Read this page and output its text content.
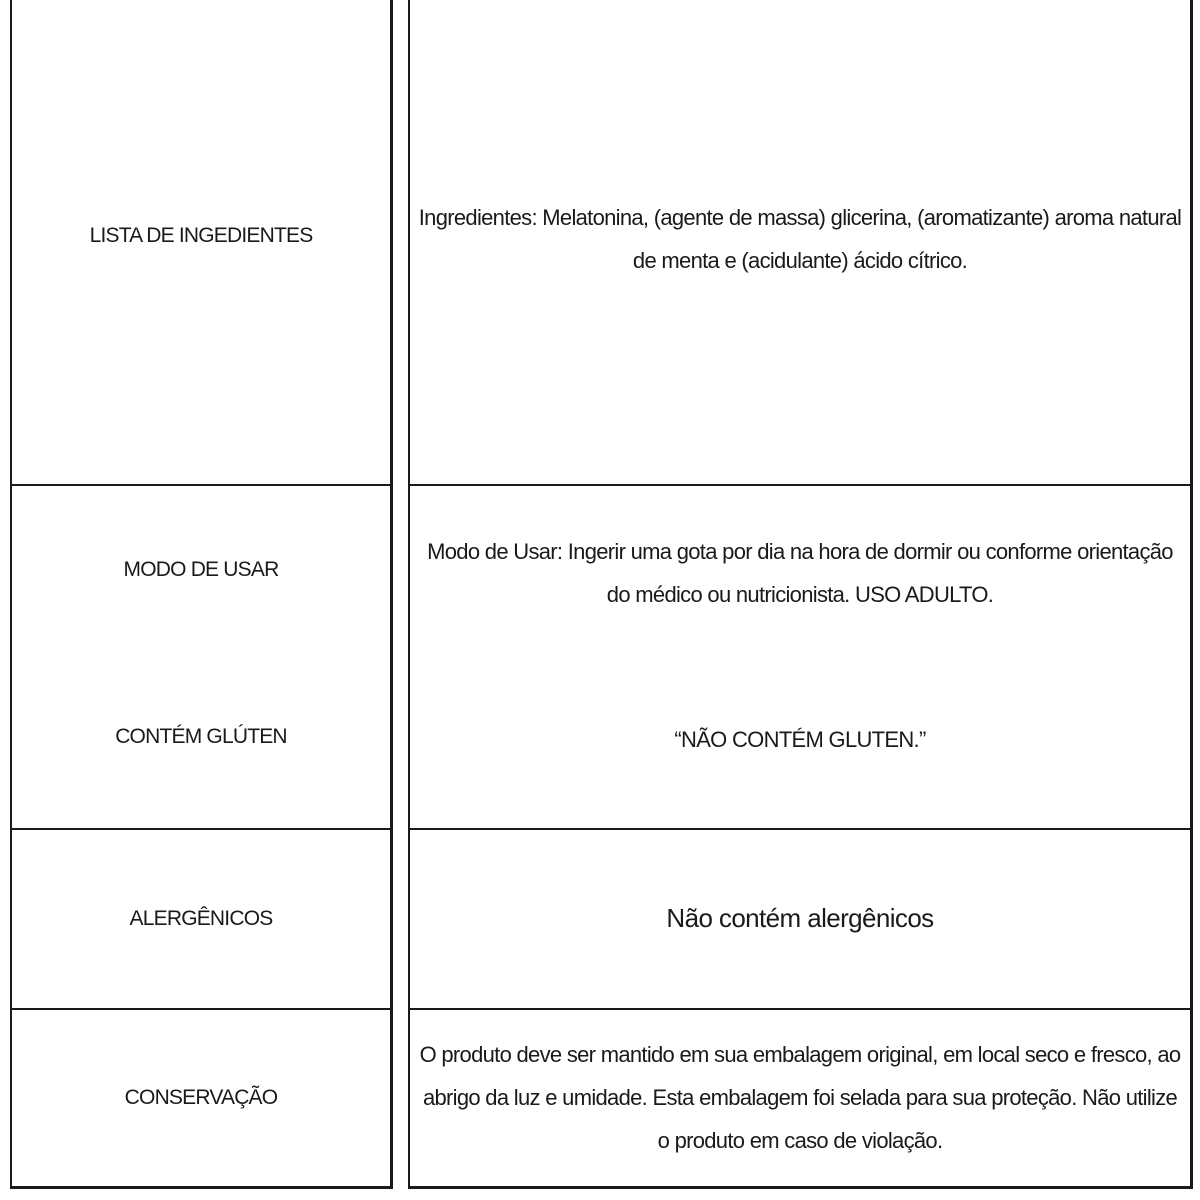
LISTA DE INGEDIENTES
Ingredientes: Melatonina, (agente de massa) glicerina, (aromatizante) aroma natural de menta e (acidulante) ácido cítrico.
MODO DE USAR
CONTÉM GLÚTEN
Modo de Usar: Ingerir uma gota por dia na hora de dormir ou conforme orientação do médico ou nutricionista. USO ADULTO.
“NÃO CONTÉM GLUTEN.”
ALERGÊNICOS	Não contém alergênicos
CONSERVAÇÃO
O produto deve ser mantido em sua embalagem original, em local seco e fresco, ao abrigo da luz e umidade. Esta embalagem foi selada para sua proteção. Não utilize o produto em caso de violação.
